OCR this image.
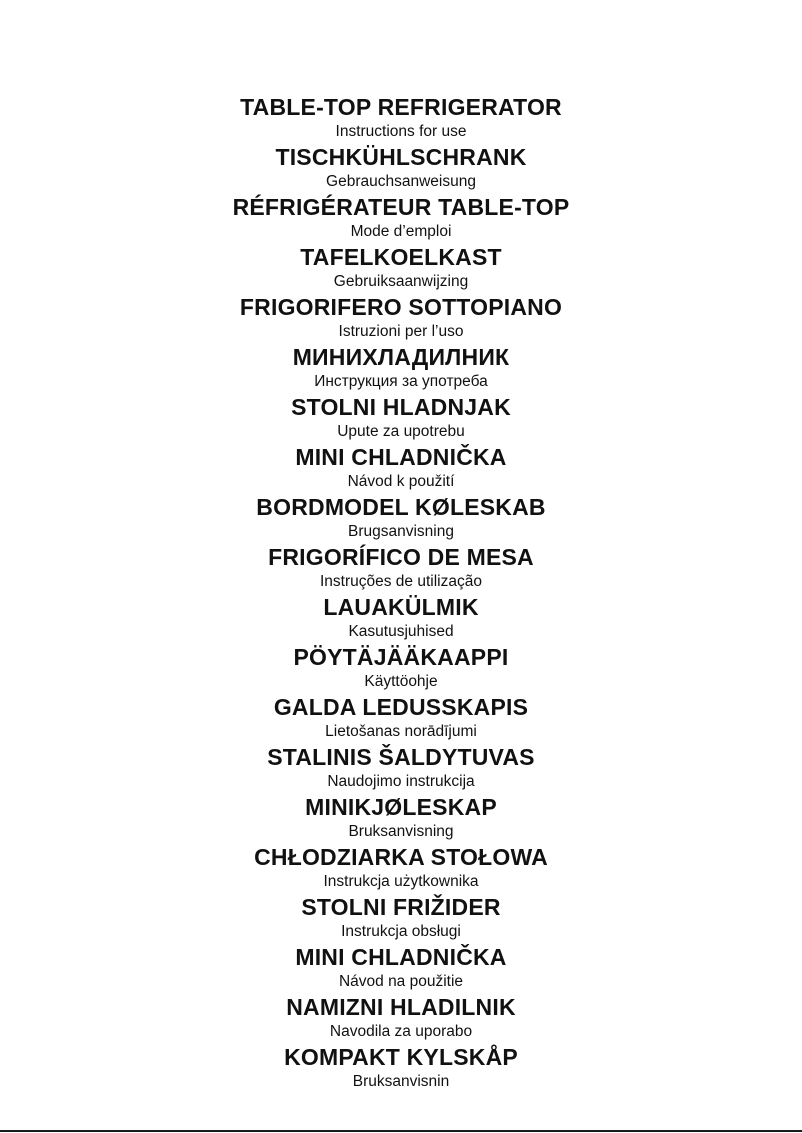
TABLE-TOP REFRIGERATOR
Instructions for use
TISCHKÜHLSCHRANK
Gebrauchsanweisung
RÉFRIGÉRATEUR TABLE-TOP
Mode d’emploi
TAFELKOELKAST
Gebruiksaanwijzing
FRIGORIFERO SOTTOPIANO
Istruzioni per l’uso
МИНИХЛАДИЛНИК
Инструкция за употреба
STOLNI HLADNJAK
Upute za upotrebu
MINI CHLADNIČKA
Návod k použití
BORDMODEL KØLESKAB
Brugsanvisning
FRIGORÍFICO DE MESA
Instruções de utilização
LAUAKÜLMIK
Kasutusjuhised
PÖYTÄJÄÄKAAPPI
Käyttöohje
GALDA LEDUSSKAPIS
Lietošanas norādījumi
STALINIS ŠALDYTUVAS
Naudojimo instrukcija
MINIKJØLESKAP
Bruksanvisning
CHŁODZIARKA STOŁOWA
Instrukcja użytkownika
STOLNI FRIŽIDER
Instrukcja obsługi
MINI CHLADNIČKA
Návod na použitie
NAMIZNI HLADILNIK
Navodila za uporabo
KOMPAKT KYLSKÅP
Bruksanvisnin
